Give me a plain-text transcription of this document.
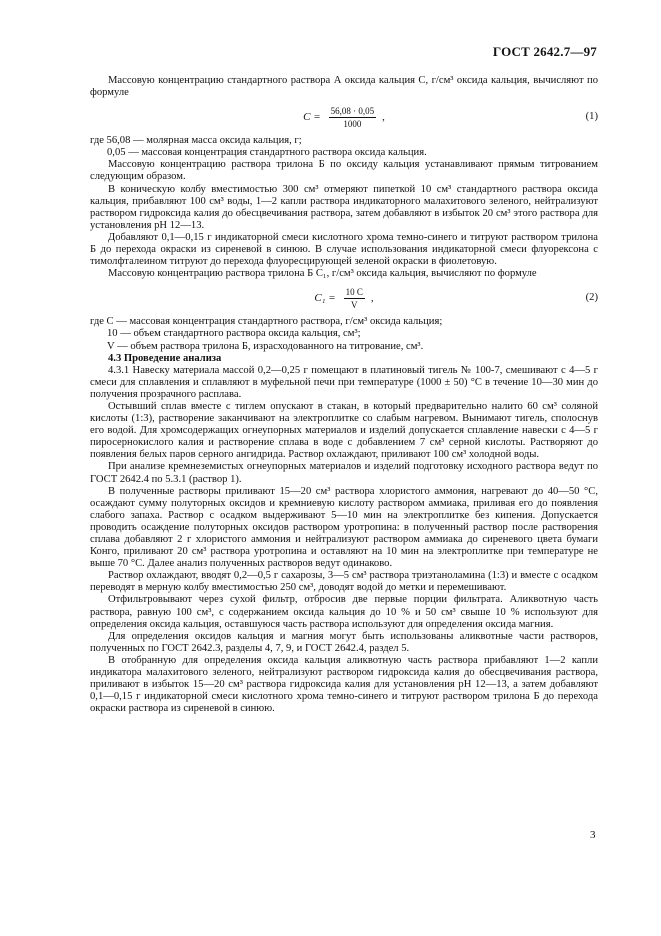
ГОСТ 2642.7—97

Массовую концентрацию стандартного раствора А оксида кальция C, г/см³ оксида кальция, вычисляют по формуле

$C = \frac{56,08 \cdot 0,05}{1000}$ ,	(1)

где 56,08 — молярная масса оксида кальция, г;

0,05 — массовая концентрация стандартного раствора оксида кальция.

Массовую концентрацию раствора трилона Б по оксиду кальция устанавливают прямым титрованием следующим образом.

В коническую колбу вместимостью 300 см³ отмеряют пипеткой 10 см³ стандартного раствора оксида кальция, прибавляют 100 см³ воды, 1—2 капли раствора индикаторного малахитового зеленого, нейтрализуют раствором гидроксида калия до обесцвечивания раствора, затем добавляют в избыток 20 см³ этого раствора для установления pH 12—13.

Добавляют 0,1—0,15 г индикаторной смеси кислотного хрома темно-синего и титруют раствором трилона Б до перехода окраски из сиреневой в синюю. В случае использования индикаторной смеси флуорексона с тимолфталеином титруют до перехода флуоресцирующей зеленой окраски в фиолетовую.

Массовую концентрацию раствора трилона Б C₁, г/см³ оксида кальция, вычисляют по формуле

$C_1 = \frac{10 C}{V}$ ,	(2)

где C — массовая концентрация стандартного раствора, г/см³ оксида кальция;

10 — объем стандартного раствора оксида кальция, см³;

V — объем раствора трилона Б, израсходованного на титрование, см³.

4.3 Проведение анализа

4.3.1 Навеску материала массой 0,2—0,25 г помещают в платиновый тигель № 100-7, смешивают с 4—5 г смеси для сплавления и сплавляют в муфельной печи при температуре (1000 ± 50) °С в течение 10—30 мин до получения прозрачного расплава.

Остывший сплав вместе с тиглем опускают в стакан, в который предварительно налито 60 см³ соляной кислоты (1:3), растворение заканчивают на электроплитке со слабым нагревом. Вынимают тигель, сполоснув его водой. Для хромсодержащих огнеупорных материалов и изделий допускается сплавление навески с 4—5 г пиросернокислого калия и растворение сплава в воде с добавлением 7 см³ серной кислоты. Растворяют до появления белых паров серного ангидрида. Раствор охлаждают, приливают 100 см³ холодной воды.

При анализе кремнеземистых огнеупорных материалов и изделий подготовку исходного раствора ведут по ГОСТ 2642.4 по 5.3.1 (раствор 1).

В полученные растворы приливают 15—20 см³ раствора хлористого аммония, нагревают до 40—50 °С, осаждают сумму полуторных оксидов и кремниевую кислоту раствором аммиака, приливая его до появления слабого запаха. Раствор с осадком выдерживают 5—10 мин на электроплитке без кипения. Допускается проводить осаждение полуторных оксидов раствором уротропина: в полученный раствор после растворения сплава добавляют 2 г хлористого аммония и нейтрализуют раствором аммиака до сиреневого цвета бумаги Конго, приливают 20 см³ раствора уротропина и оставляют на 10 мин на электроплитке при температуре не выше 70 °С. Далее анализ полученных растворов ведут одинаково.

Раствор охлаждают, вводят 0,2—0,5 г сахарозы, 3—5 см³ раствора триэтаноламина (1:3) и вместе с осадком переводят в мерную колбу вместимостью 250 см³, доводят водой до метки и перемешивают.

Отфильтровывают через сухой фильтр, отбросив две первые порции фильтрата. Аликвотную часть раствора, равную 100 см³, с содержанием оксида кальция до 10 % и 50 см³ свыше 10 % используют для определения оксида кальция, оставшуюся часть раствора используют для определения оксида магния.

Для определения оксидов кальция и магния могут быть использованы аликвотные части растворов, полученных по ГОСТ 2642.3, разделы 4, 7, 9, и ГОСТ 2642.4, раздел 5.

В отобранную для определения оксида кальция аликвотную часть раствора прибавляют 1—2 капли индикатора малахитового зеленого, нейтрализуют раствором гидроксида калия до обесцвечивания раствора, приливают в избыток 15—20 см³ раствора гидроксида калия для установления pH 12—13, а затем добавляют 0,1—0,15 г индикаторной смеси кислотного хрома темно-синего и титруют раствором трилона Б до перехода окраски раствора из сиреневой в синюю.

3
